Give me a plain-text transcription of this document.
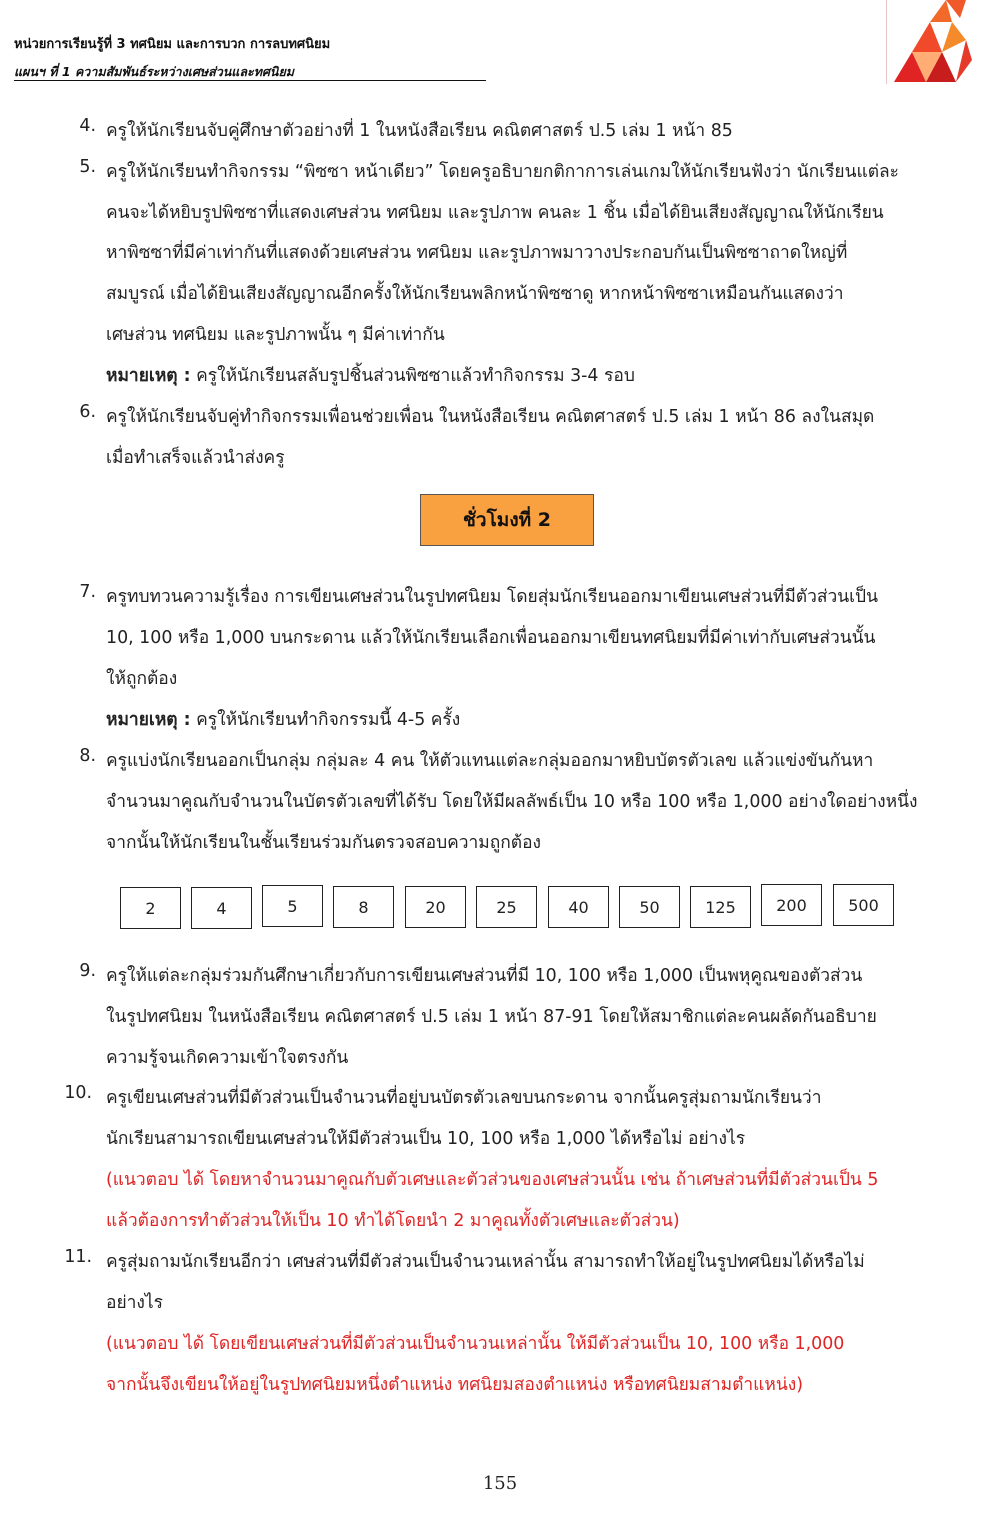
หน่วยการเรียนรู้ที่ 3 ทศนิยม และการบวก การลบทศนิยม
แผนฯ ที่ 1 ความสัมพันธ์ระหว่างเศษส่วนและทศนิยม
4. ครูให้นักเรียนจับคู่ศึกษาตัวอย่างที่ 1 ในหนังสือเรียน คณิตศาสตร์ ป.5 เล่ม 1 หน้า 85
5. ครูให้นักเรียนทำกิจกรรม “พิซซา หน้าเดียว” โดยครูอธิบายกติกาการเล่นเกมให้นักเรียนฟังว่า นักเรียนแต่ละ
คนจะได้หยิบรูปพิซซาที่แสดงเศษส่วน ทศนิยม และรูปภาพ คนละ 1 ชิ้น เมื่อได้ยินเสียงสัญญาณให้นักเรียน
หาพิซซาที่มีค่าเท่ากันที่แสดงด้วยเศษส่วน ทศนิยม และรูปภาพมาวางประกอบกันเป็นพิซซาถาดใหญ่ที่
สมบูรณ์ เมื่อได้ยินเสียงสัญญาณอีกครั้งให้นักเรียนพลิกหน้าพิซซาดู หากหน้าพิซซาเหมือนกันแสดงว่า
เศษส่วน ทศนิยม และรูปภาพนั้น ๆ มีค่าเท่ากัน
หมายเหตุ : ครูให้นักเรียนสลับรูปชิ้นส่วนพิซซาแล้วทำกิจกรรม 3-4 รอบ
6. ครูให้นักเรียนจับคู่ทำกิจกรรมเพื่อนช่วยเพื่อน ในหนังสือเรียน คณิตศาสตร์ ป.5 เล่ม 1 หน้า 86 ลงในสมุด
เมื่อทำเสร็จแล้วนำส่งครู
ชั่วโมงที่ 2
7. ครูทบทวนความรู้เรื่อง การเขียนเศษส่วนในรูปทศนิยม โดยสุ่มนักเรียนออกมาเขียนเศษส่วนที่มีตัวส่วนเป็น
10, 100 หรือ 1,000 บนกระดาน แล้วให้นักเรียนเลือกเพื่อนออกมาเขียนทศนิยมที่มีค่าเท่ากับเศษส่วนนั้น
ให้ถูกต้อง
หมายเหตุ : ครูให้นักเรียนทำกิจกรรมนี้ 4-5 ครั้ง
8. ครูแบ่งนักเรียนออกเป็นกลุ่ม กลุ่มละ 4 คน ให้ตัวแทนแต่ละกลุ่มออกมาหยิบบัตรตัวเลข แล้วแข่งขันกันหา
จำนวนมาคูณกับจำนวนในบัตรตัวเลขที่ได้รับ โดยให้มีผลลัพธ์เป็น 10 หรือ 100 หรือ 1,000 อย่างใดอย่างหนึ่ง
จากนั้นให้นักเรียนในชั้นเรียนร่วมกันตรวจสอบความถูกต้อง
2	4	5	8	20	25	40	50	125	200	500
9. ครูให้แต่ละกลุ่มร่วมกันศึกษาเกี่ยวกับการเขียนเศษส่วนที่มี 10, 100 หรือ 1,000 เป็นพหุคูณของตัวส่วน
ในรูปทศนิยม ในหนังสือเรียน คณิตศาสตร์ ป.5 เล่ม 1 หน้า 87-91 โดยให้สมาชิกแต่ละคนผลัดกันอธิบาย
ความรู้จนเกิดความเข้าใจตรงกัน
10. ครูเขียนเศษส่วนที่มีตัวส่วนเป็นจำนวนที่อยู่บนบัตรตัวเลขบนกระดาน จากนั้นครูสุ่มถามนักเรียนว่า
นักเรียนสามารถเขียนเศษส่วนให้มีตัวส่วนเป็น 10, 100 หรือ 1,000 ได้หรือไม่ อย่างไร
(แนวตอบ ได้ โดยหาจำนวนมาคูณกับตัวเศษและตัวส่วนของเศษส่วนนั้น เช่น ถ้าเศษส่วนที่มีตัวส่วนเป็น 5
แล้วต้องการทำตัวส่วนให้เป็น 10 ทำได้โดยนำ 2 มาคูณทั้งตัวเศษและตัวส่วน)
11. ครูสุ่มถามนักเรียนอีกว่า เศษส่วนที่มีตัวส่วนเป็นจำนวนเหล่านั้น สามารถทำให้อยู่ในรูปทศนิยมได้หรือไม่
อย่างไร
(แนวตอบ ได้ โดยเขียนเศษส่วนที่มีตัวส่วนเป็นจำนวนเหล่านั้น ให้มีตัวส่วนเป็น 10, 100 หรือ 1,000
จากนั้นจึงเขียนให้อยู่ในรูปทศนิยมหนึ่งตำแหน่ง ทศนิยมสองตำแหน่ง หรือทศนิยมสามตำแหน่ง)
155
